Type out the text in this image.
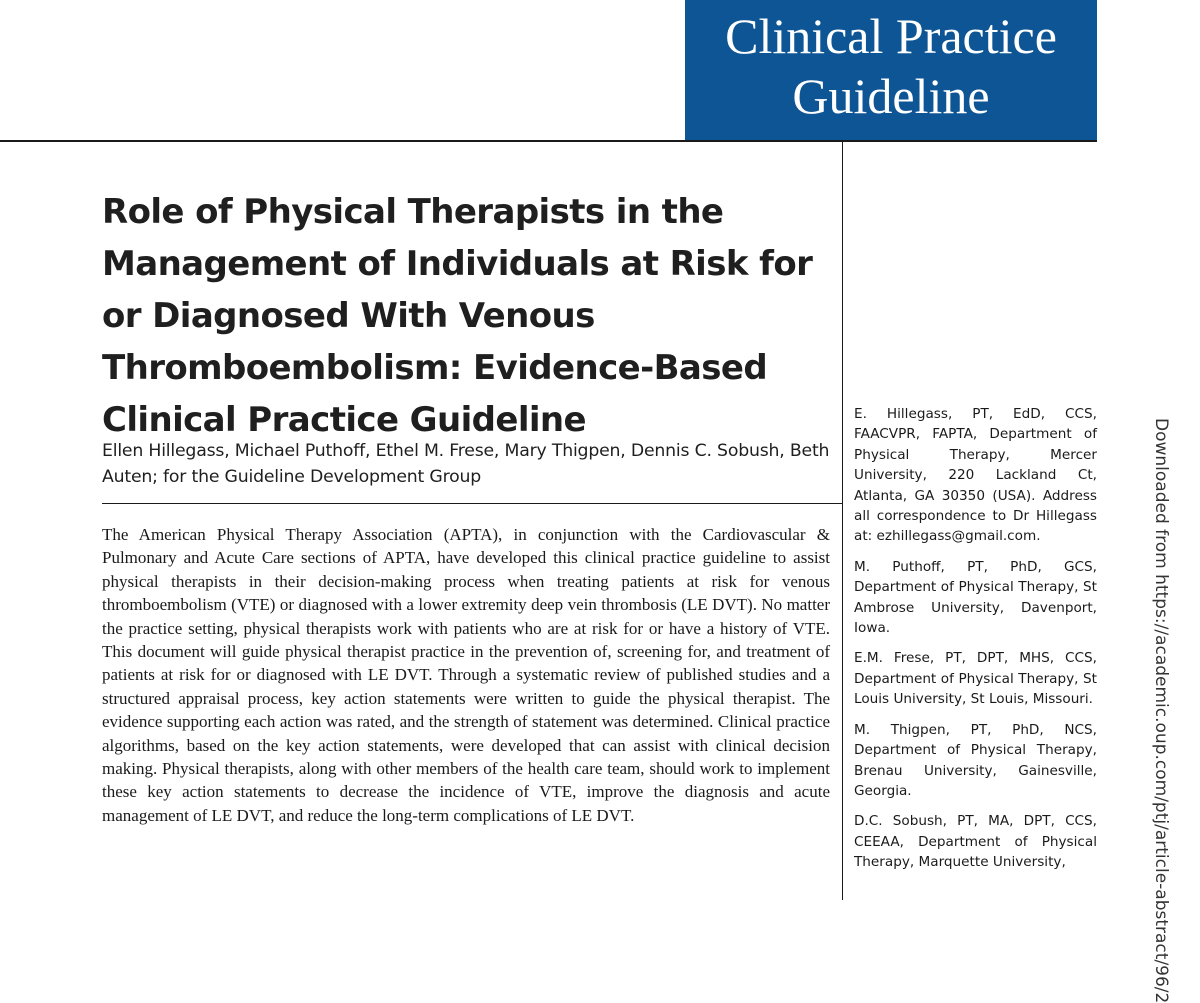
Clinical Practice
Guideline
Role of Physical Therapists in the Management of Individuals at Risk for or Diagnosed With Venous Thromboembolism: Evidence-Based Clinical Practice Guideline

Ellen Hillegass, Michael Puthoff, Ethel M. Frese, Mary Thigpen, Dennis C. Sobush, Beth Auten; for the Guideline Development Group

The American Physical Therapy Association (APTA), in conjunction with the Cardiovascular & Pulmonary and Acute Care sections of APTA, have developed this clinical practice guideline to assist physical therapists in their decision-making process when treating patients at risk for venous thromboembolism (VTE) or diagnosed with a lower extremity deep vein thrombosis (LE DVT). No matter the practice setting, physical therapists work with patients who are at risk for or have a history of VTE. This document will guide physical therapist practice in the prevention of, screening for, and treatment of patients at risk for or diagnosed with LE DVT. Through a systematic review of published studies and a structured appraisal process, key action statements were written to guide the physical therapist. The evidence supporting each action was rated, and the strength of statement was determined. Clinical practice algorithms, based on the key action statements, were developed that can assist with clinical decision making. Physical therapists, along with other members of the health care team, should work to implement these key action statements to decrease the incidence of VTE, improve the diagnosis and acute management of LE DVT, and reduce the long-term complications of LE DVT.

E. Hillegass, PT, EdD, CCS, FAACVPR, FAPTA, Department of Physical Therapy, Mercer University, 220 Lackland Ct, Atlanta, GA 30350 (USA). Address all correspondence to Dr Hillegass at: ezhillegass@gmail.com.

M. Puthoff, PT, PhD, GCS, Department of Physical Therapy, St Ambrose University, Davenport, Iowa.

E.M. Frese, PT, DPT, MHS, CCS, Department of Physical Therapy, St Louis University, St Louis, Missouri.

M. Thigpen, PT, PhD, NCS, Department of Physical Therapy, Brenau University, Gainesville, Georgia.

D.C. Sobush, PT, MA, DPT, CCS, CEEAA, Department of Physical Therapy, Marquette University,	Downloaded from https://academic.oup.com/ptj/article-abstract/96/2
